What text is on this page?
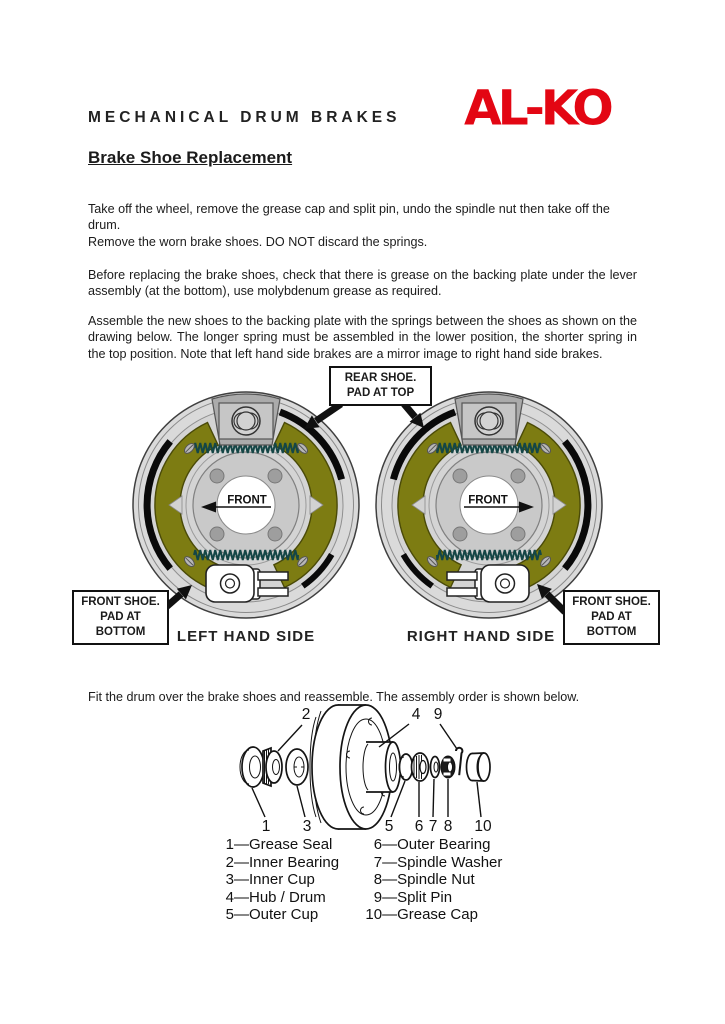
MECHANICAL DRUM BRAKES AL-KO
Brake Shoe Replacement

Take off the wheel, remove the grease cap and split pin, undo the spindle nut then take off the drum.

Remove the worn brake shoes. DO NOT discard the springs.

Before replacing the brake shoes, check that there is grease on the backing plate under the lever assembly (at the bottom), use molybdenum grease as required.

Assemble the new shoes to the backing plate with the springs between the shoes as shown on the drawing below. The longer spring must be assembled in the lower position, the shorter spring in the top position. Note that left hand side brakes are a mirror image to right hand side brakes.

Fit the drum over the brake shoes and reassemble. The assembly order is shown below.

FRONT	FRONT
REAR SHOE.
PAD AT TOP
FRONT SHOE.
PAD AT BOTTOM
FRONT SHOE.
PAD AT BOTTOM
LEFT HAND SIDE	RIGHT HAND SIDE
2	4 9
1 3	5 6 7 8 10
1—Grease Seal
2—Inner Bearing
3—Inner Cup
4—Hub / Drum
5—Outer Cup
6—Outer Bearing
7—Spindle Washer
8—Spindle Nut
9—Split Pin
10—Grease Cap
